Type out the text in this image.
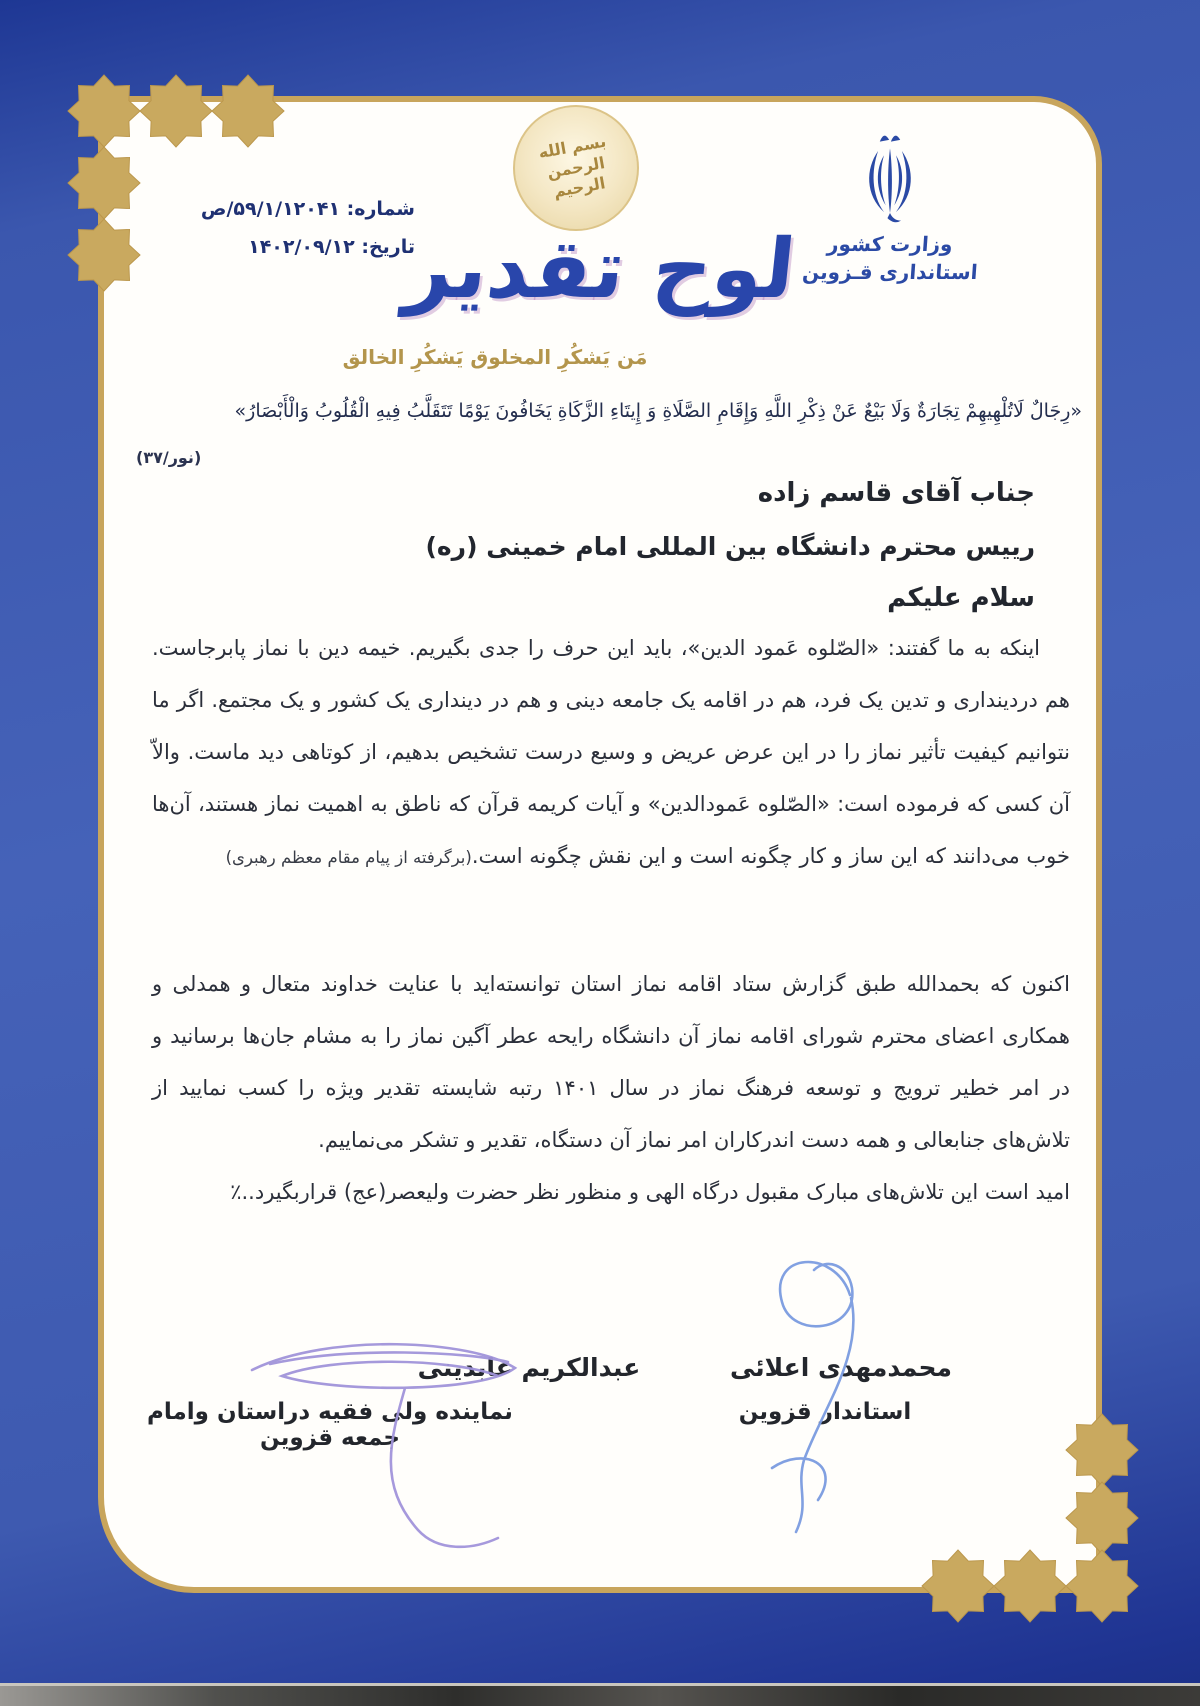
شماره: ۵۹/۱/۱۲۰۴۱/ص
تاریخ: ۱۴۰۲/۰۹/۱۲
بسم الله الرحمن الرحیم
لوح تقدیر
مَن یَشکُرِ المخلوق یَشکُرِ الخالق
وزارت کشور
استانداری قـزوین
«رِجَالٌ لَاتُلْهِيهِمْ تِجَارَةٌ وَلَا بَيْعٌ عَنْ ذِكْرِ اللَّهِ وَإِقَامِ الصَّلَاةِ وَ إِيتَاءِ الزَّكَاةِ يَخَافُونَ يَوْمًا تَتَقَلَّبُ فِيهِ الْقُلُوبُ وَالْأَبْصَارُ»
(نور/۳۷)
جناب آقای قاسم زاده
رییس محترم دانشگاه بین المللی امام خمینی (ره)
سلام علیکم
اینکه به ما گفتند: «الصّلوه عَمود الدین»، باید این حرف را جدی بگیریم. خیمه دین با نماز پابرجاست. هم دردینداری و تدین یک فرد، هم در اقامه یک جامعه دینی و هم در دینداری یک کشور و یک مجتمع. اگر ما نتوانیم کیفیت تأثیر نماز را در این عرض عریض و وسیع درست تشخیص بدهیم، از کوتاهی دید ماست. والاّ آن کسی که فرموده است: «الصّلوه عَمودالدین» و آیات کریمه قرآن که ناطق به اهمیت نماز هستند، آن‌ها خوب می‌دانند که این ساز و کار چگونه است و این نقش چگونه است.(برگرفته از پیام مقام معظم رهبری)
اکنون که بحمدالله طبق گزارش ستاد اقامه نماز استان توانسته‌اید با عنایت خداوند متعال و همدلی و همکاری اعضای محترم شورای اقامه نماز آن دانشگاه رایحه عطر آگین نماز را به مشام جان‌ها برسانید و در امر خطیر ترویج و توسعه فرهنگ نماز در سال ۱۴۰۱ رتبه شایسته تقدیر ویژه را کسب نمایید از تلاش‌های جنابعالی و همه دست اندرکاران امر نماز آن دستگاه، تقدیر و تشکر می‌نماییم.
امید است این تلاش‌های مبارک مقبول درگاه الهی و منظور نظر حضرت ولیعصر(عج) قراربگیرد..٪
محمدمهدی اعلائی
استاندار قزوین
عبدالکریم عابدینی
نماینده ولی فقیه دراستان وامام جمعه قزوین
